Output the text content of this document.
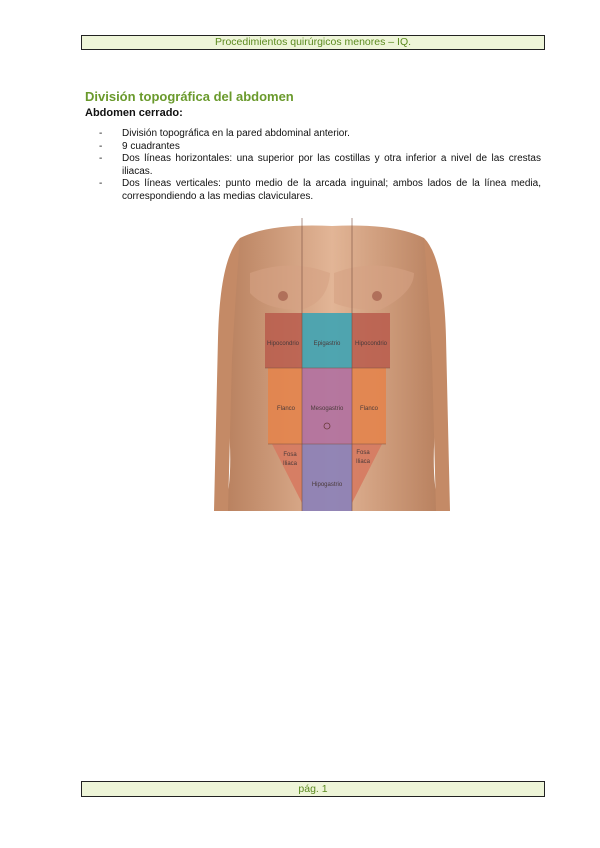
Procedimientos quirúrgicos menores – IQ.
División topográfica del abdomen
Abdomen cerrado:
- División topográfica en la pared abdominal anterior.
- 9 cuadrantes
- Dos líneas horizontales: una superior por las costillas y otra inferior a nivel de las crestas iliacas.
- Dos líneas verticales: punto medio de la arcada inguinal; ambos lados de la línea media, correspondiendo a las medias claviculares.
Hipocondrio Epigastrio Hipocondrio
Flanco	Mesogastrio	Flanco
Fosa
Iliaca
Hipogastrio
Fosa
Iliaca
pág. 1
